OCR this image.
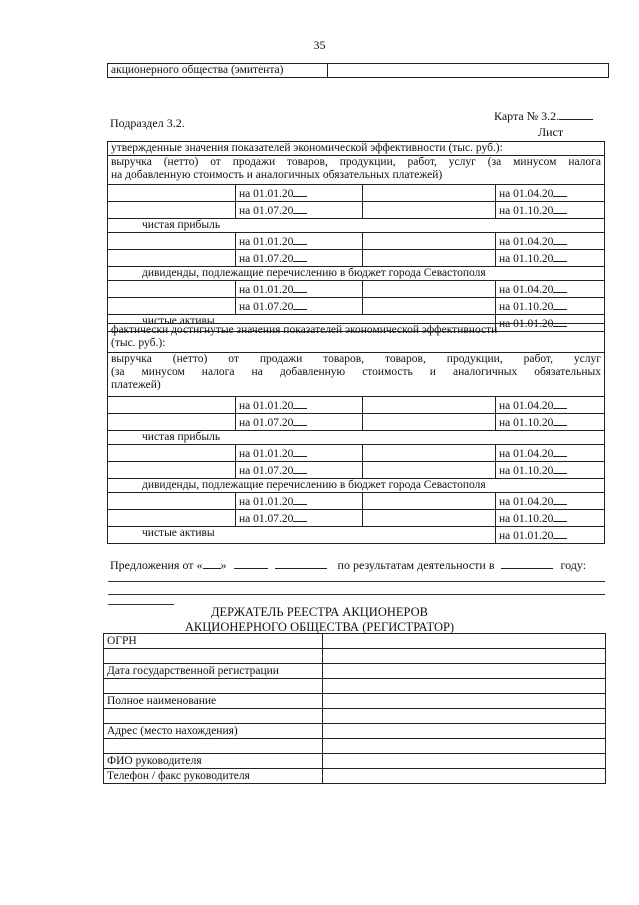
35
акционерного общества (эмитента)	
Подраздел 3.2.	Карта № 3.2.
Лист
утвержденные значения показателей экономической эффективности (тыс. руб.):			

выручка (нетто) от продажи товаров, продукции, работ, услуг (за минусом налога
на добавленную стоимость и аналогичных обязательных платежей)			

	на 01.01.20		на 01.04.20
	на 01.07.20		на 01.10.20
чистая прибыль			
	на 01.01.20		на 01.04.20
	на 01.07.20		на 01.10.20
дивиденды, подлежащие перечислению в бюджет города Севастополя			
	на 01.01.20		на 01.04.20
	на 01.07.20		на 01.10.20
чистые активы			на 01.01.20
фактически достигнутые значения показателей экономической эффективности
(тыс. руб.):			

выручка (нетто) от продажи товаров, товаров, продукции, работ, услуг
(за минусом налога на добавленную стоимость и аналогичных обязательных
платежей)			

	на 01.01.20		на 01.04.20
	на 01.07.20		на 01.10.20
чистая прибыль			
	на 01.01.20		на 01.04.20
	на 01.07.20		на 01.10.20
дивиденды, подлежащие перечислению в бюджет города Севастополя			
	на 01.01.20		на 01.04.20
	на 01.07.20		на 01.10.20
чистые активы			на 01.01.20
Предложения от « »	по результатам деятельности в	году:
ДЕРЖАТЕЛЬ РЕЕСТРА АКЦИОНЕРОВ
АКЦИОНЕРНОГО ОБЩЕСТВА (РЕГИСТРАТОР)
ОГРН	

Дата государственной регистрации	

Полное наименование	

Адрес (место нахождения)	

ФИО руководителя	
Телефон / факс руководителя	
